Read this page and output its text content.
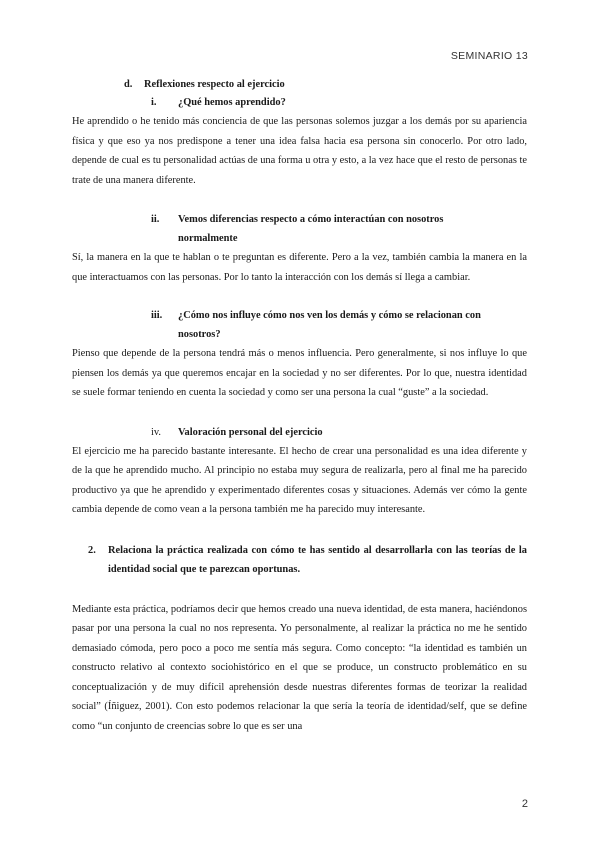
SEMINARIO 13
d.	Reflexiones respecto al ejercicio
i.	¿Qué hemos aprendido?

He aprendido o he tenido más conciencia de que las personas solemos juzgar a los demás por su apariencia física y que eso ya nos predispone a tener una idea falsa hacia esa persona sin conocerlo. Por otro lado, depende de cual es tu personalidad actúas de una forma u otra y esto, a la vez hace que el resto de personas te trate de una manera diferente.

ii.	Vemos diferencias respecto a cómo interactúan con nosotros
normalmente

Sí, la manera en la que te hablan o te preguntan es diferente. Pero a la vez, también cambia la manera en la que interactuamos con las personas. Por lo tanto la interacción con los demás sí llega a cambiar.

iii.	¿Cómo nos influye cómo nos ven los demás y cómo se relacionan con
nosotros?

Pienso que depende de la persona tendrá más o menos influencia. Pero generalmente, si nos influye lo que piensen los demás ya que queremos encajar en la sociedad y no ser diferentes. Por lo que, nuestra identidad se suele formar teniendo en cuenta la sociedad y como ser una persona la cual “guste” a la sociedad.

iv.	Valoración personal del ejercicio

El ejercicio me ha parecido bastante interesante. El hecho de crear una personalidad es una idea diferente y de la que he aprendido mucho. Al principio no estaba muy segura de realizarla, pero al final me ha parecido productivo ya que he aprendido y experimentado diferentes cosas y situaciones. Además ver cómo la gente cambia depende de como vean a la persona también me ha parecido muy interesante.

2.	Relaciona la práctica realizada con cómo te has sentido al desarrollarla con las teorías de la identidad social que te parezcan oportunas.

Mediante esta práctica, podríamos decir que hemos creado una nueva identidad, de esta manera, haciéndonos pasar por una persona la cual no nos representa. Yo personalmente, al realizar la práctica no me he sentido demasiado cómoda, pero poco a poco me sentía más segura. Como concepto: “la identidad es también un constructo relativo al contexto sociohistórico en el que se produce, un constructo problemático en su conceptualización y de muy difícil aprehensión desde nuestras diferentes formas de teorizar la realidad social” (Íñiguez, 2001). Con esto podemos relacionar la que sería la teoría de identidad/self, que se define como “un conjunto de creencias sobre lo que es ser una

2
